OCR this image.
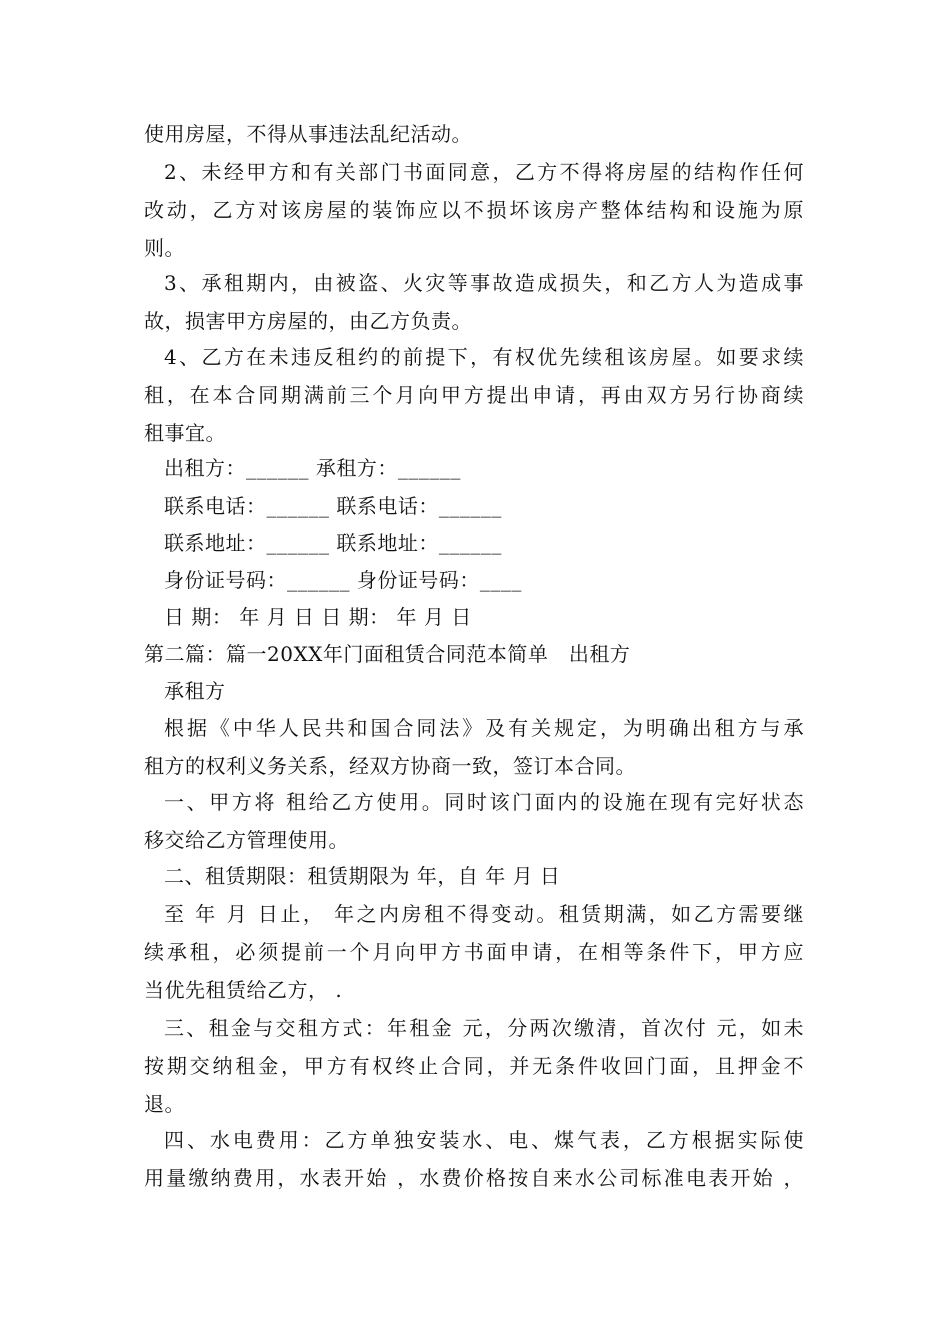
使用房屋，不得从事违法乱纪活动。
2、未经甲方和有关部门书面同意，乙方不得将房屋的结构作任何
改动，乙方对该房屋的装饰应以不损坏该房产整体结构和设施为原
则。
3、承租期内，由被盗、火灾等事故造成损失，和乙方人为造成事
故，损害甲方房屋的，由乙方负责。
4、乙方在未违反租约的前提下，有权优先续租该房屋。如要求续
租，在本合同期满前三个月向甲方提出申请，再由双方另行协商续
租事宜。
出租方：______ 承租方：______
联系电话：______ 联系电话：______
联系地址：______ 联系地址：______
身份证号码：______ 身份证号码：____
日 期： 年 月 日 日 期： 年 月 日
第二篇：篇一20XX年门面租赁合同范本简单　出租方
承租方
根据《中华人民共和国合同法》及有关规定，为明确出租方与承
租方的权利义务关系，经双方协商一致，签订本合同。
一、甲方将 租给乙方使用。同时该门面内的设施在现有完好状态
移交给乙方管理使用。
二、租赁期限：租赁期限为 年，自 年 月 日
至 年 月 日止， 年之内房租不得变动。租赁期满，如乙方需要继
续承租，必须提前一个月向甲方书面申请，在相等条件下，甲方应
当优先租赁给乙方， .
三、租金与交租方式：年租金 元，分两次缴清，首次付 元，如未
按期交纳租金，甲方有权终止合同，并无条件收回门面，且押金不
退。
四、水电费用：乙方单独安装水、电、煤气表，乙方根据实际使
用量缴纳费用，水表开始 ，水费价格按自来水公司标准电表开始 ，
